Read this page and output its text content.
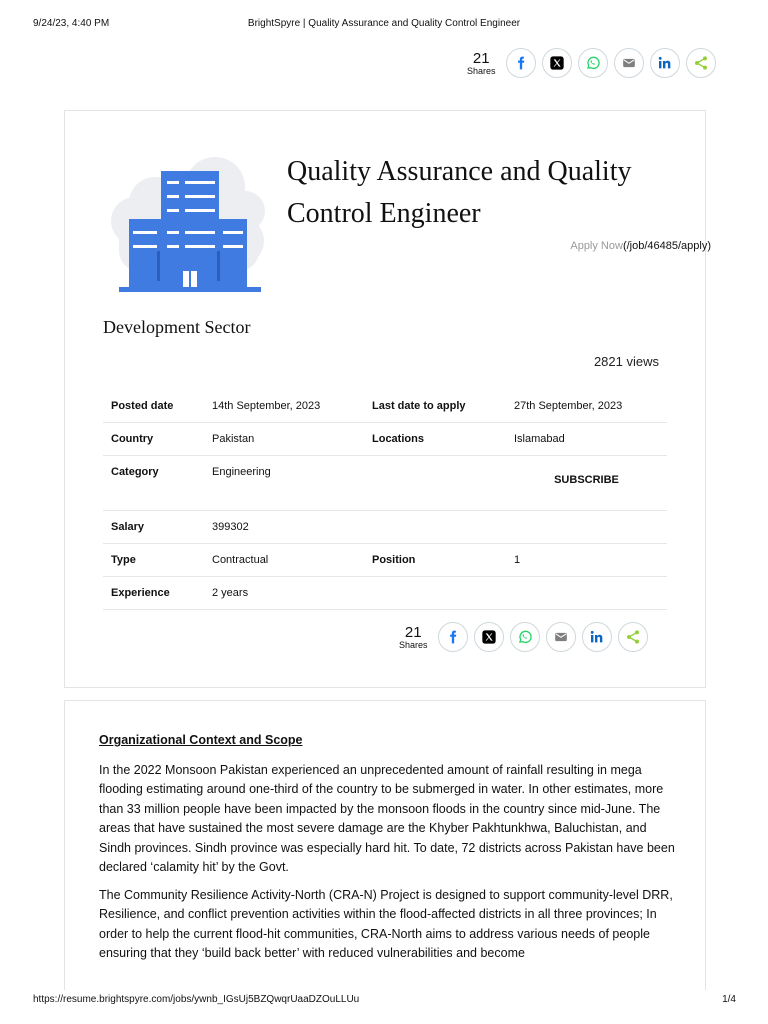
9/24/23, 4:40 PM	BrightSpyre | Quality Assurance and Quality Control Engineer
21
Shares
Quality Assurance and Quality Control Engineer
Apply Now(/job/46485/apply)
Development Sector
2821 views
Posted date	14th September, 2023	Last date to apply	27th September, 2023
Country	Pakistan	Locations	Islamabad
Category	Engineering		SUBSCRIBE

Salary	399302		
Type	Contractual	Position	1
Experience	2 years		
21
Shares
Organizational Context and Scope

In the 2022 Monsoon Pakistan experienced an unprecedented amount of rainfall resulting in mega flooding estimating around one-third of the country to be submerged in water. In other estimates, more than 33 million people have been impacted by the monsoon floods in the country since mid-June. The areas that have sustained the most severe damage are the Khyber Pakhtunkhwa, Baluchistan, and Sindh provinces. Sindh province was especially hard hit. To date, 72 districts across Pakistan have been declared ‘calamity hit’ by the Govt.

The Community Resilience Activity-North (CRA-N) Project is designed to support community-level DRR, Resilience, and conflict prevention activities within the flood-affected districts in all three provinces; In order to help the current flood-hit communities, CRA-North aims to address various needs of people ensuring that they ‘build back better’ with reduced vulnerabilities and become

https://resume.brightspyre.com/jobs/ywnb_IGsUj5BZQwqrUaaDZOuLLUu	1/4
